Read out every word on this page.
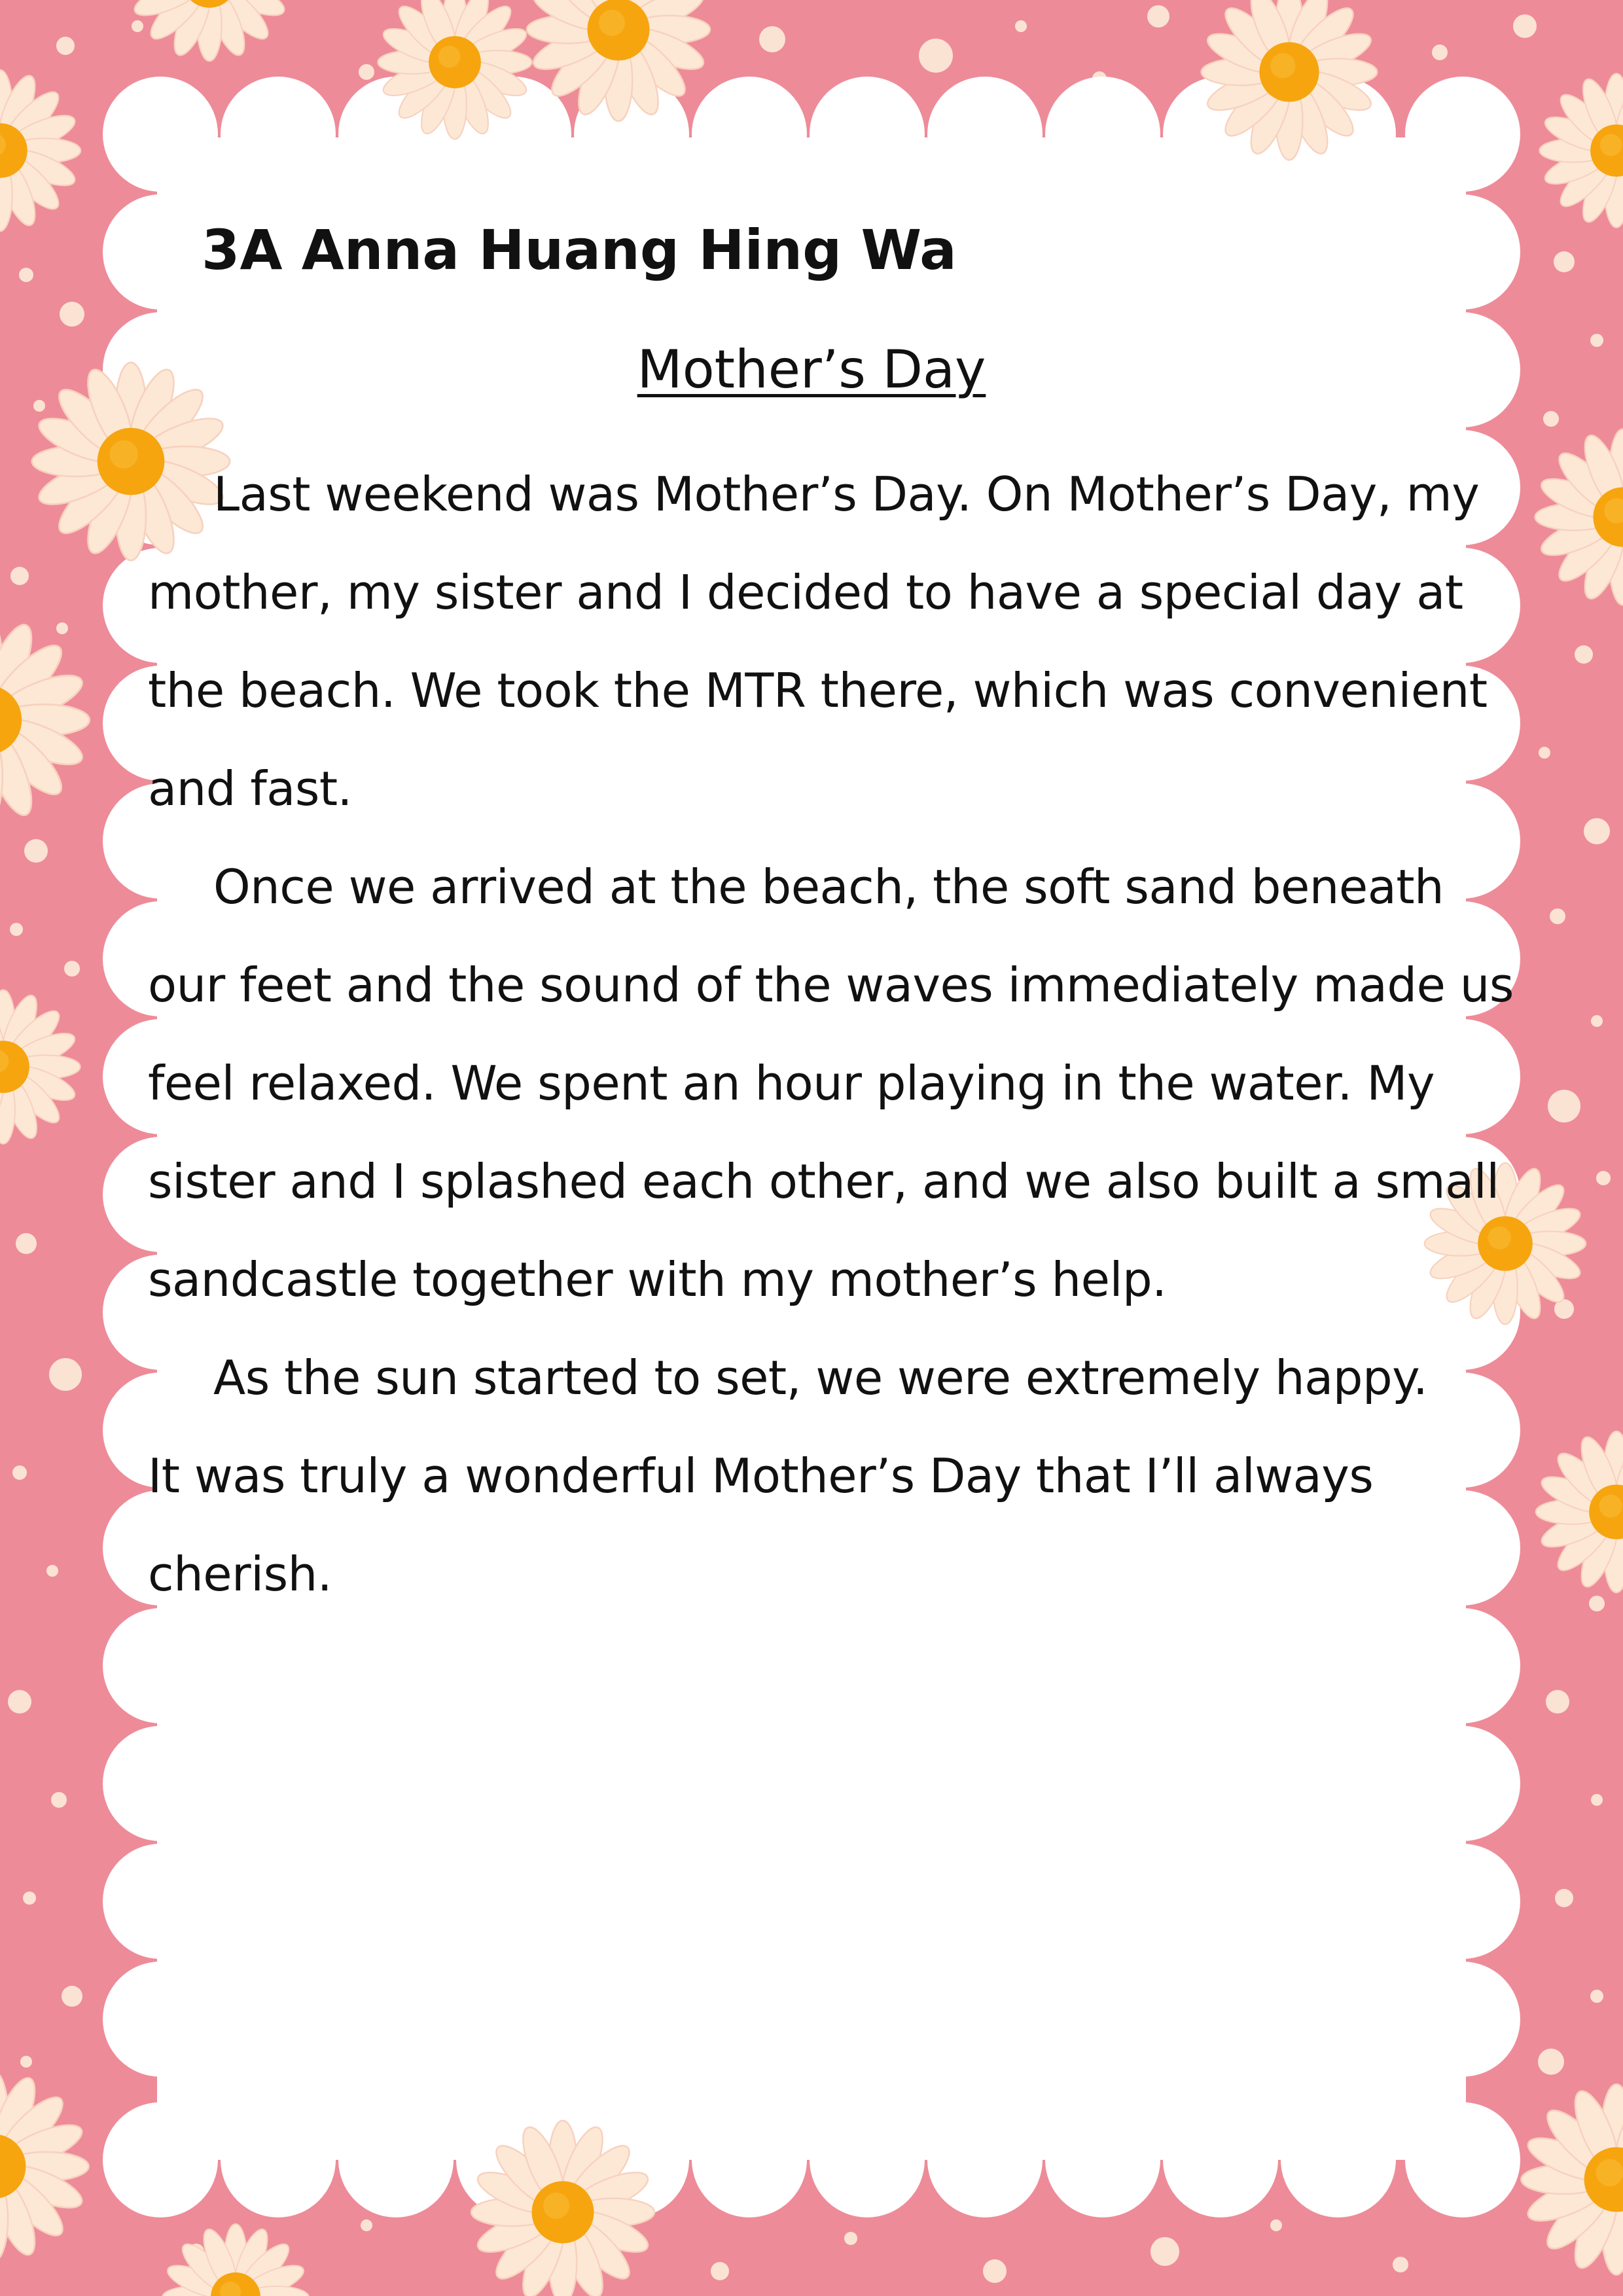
3A Anna Huang Hing Wa
Mother’s Day

Last weekend was Mother’s Day. On Mother’s Day, my
mother, my sister and I decided to have a special day at
the beach. We took the MTR there, which was convenient
and fast.

Once we arrived at the beach, the soft sand beneath
our feet and the sound of the waves immediately made us
feel relaxed. We spent an hour playing in the water. My
sister and I splashed each other, and we also built a small
sandcastle together with my mother’s help.

As the sun started to set, we were extremely happy.
It was truly a wonderful Mother’s Day that I’ll always
cherish.
